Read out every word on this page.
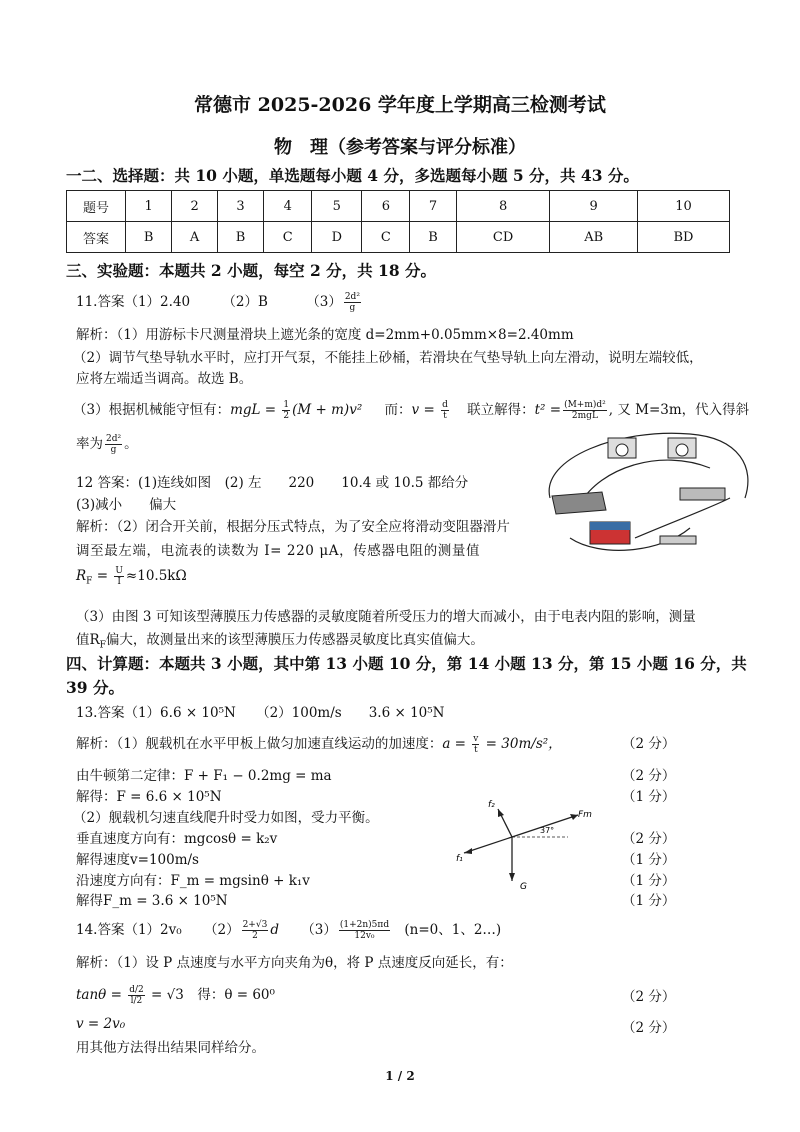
常德市 2025-2026 学年度上学期高三检测考试
物　理（参考答案与评分标准）
一二、选择题：共 10 小题，单选题每小题 4 分，多选题每小题 5 分，共 43 分。
题号	1	2	3	4	5	6	7	8	9	10
答案	B	A	B	C	D	C	B	CD	AB	BD
三、实验题：本题共 2 小题，每空 2 分，共 18 分。
11.答案（1）2.40 （2）B	$(3) \frac{\text{2d²}}{g}$
解析：（1）用游标卡尺测量滑块上遮光条的宽度 d=2mm+0.05mm×8=2.40mm
（2）调节气垫导轨水平时，应打开气泵，不能挂上砂桶，若滑块在气垫导轨上向左滑动，说明左端较低，
应将左端适当调高。故选 B。
（3）根据机械能守恒有：mgL = $\frac{1}{2} (M + m)v^2$ 而：$v = \frac{d}{t}$ 联立解得：$t^2 = \frac{\text{(M+m)d²}}{\text{2mgL}}$ , 又 M=3m，代入得斜
率为 $\frac{\text{2d²}}{g}$ 。
12 答案：(1)连线如图　(2) 左　　220　　10.4 或 10.5 都给分
(3)减小　　偏大
解析：（2）闭合开关前，根据分压式特点，为了安全应将滑动变阻器滑片
调至最左端，电流表的读数为 I= 220 μA，传感器电阻的测量值
$R_F = \frac{U}{I} \approx 10.5k\Omega$
（3）由图 3 可知该型薄膜压力传感器的灵敏度随着所受压力的增大而减小，由于电表内阻的影响，测量
值$R_F$偏大，故测量出来的该型薄膜压力传感器灵敏度比真实值偏大。
四、计算题：本题共 3 小题，其中第 13 小题 10 分，第 14 小题 13 分，第 15 小题 16 分，共
39 分。
13.答案（1）6.6 × 10⁵N　　（2）100m/s　　3.6 × 10⁵N
解析：（1）舰载机在水平甲板上做匀加速直线运动的加速度：$a = \frac{v}{t} = 30m/s^2$，	（2 分）
由牛顿第二定律：F + F₁ − 0.2mg = ma	（2 分）
解得：F = 6.6 × 10⁵N	（1 分）
（2）舰载机匀速直线爬升时受力如图，受力平衡。
垂直速度方向有：mgcosθ = k₂v	（2 分）
解得速度v=100m/s	（1 分）
沿速度方向有：F_m = mgsinθ + k₁v	（1 分）
解得F_m = 3.6 × 10⁵N	（1 分）
f₂
Fm
37°
f₁
G
14.答案（1）2v₀ $(2) \frac{2+√3}{2}$ d $(3) \frac{(1+2n)5\pi d}{\text{12v₀}} (n=0$、1、2…)
解析：（1）设 P 点速度与水平方向夹角为θ，将 P 点速度反向延长，有：
$\tan\theta = \frac{d/2}{l/2} = √3$　得：θ = 60⁰	（2 分）
v = 2v₀	（2 分）
用其他方法得出结果同样给分。
1 / 2
